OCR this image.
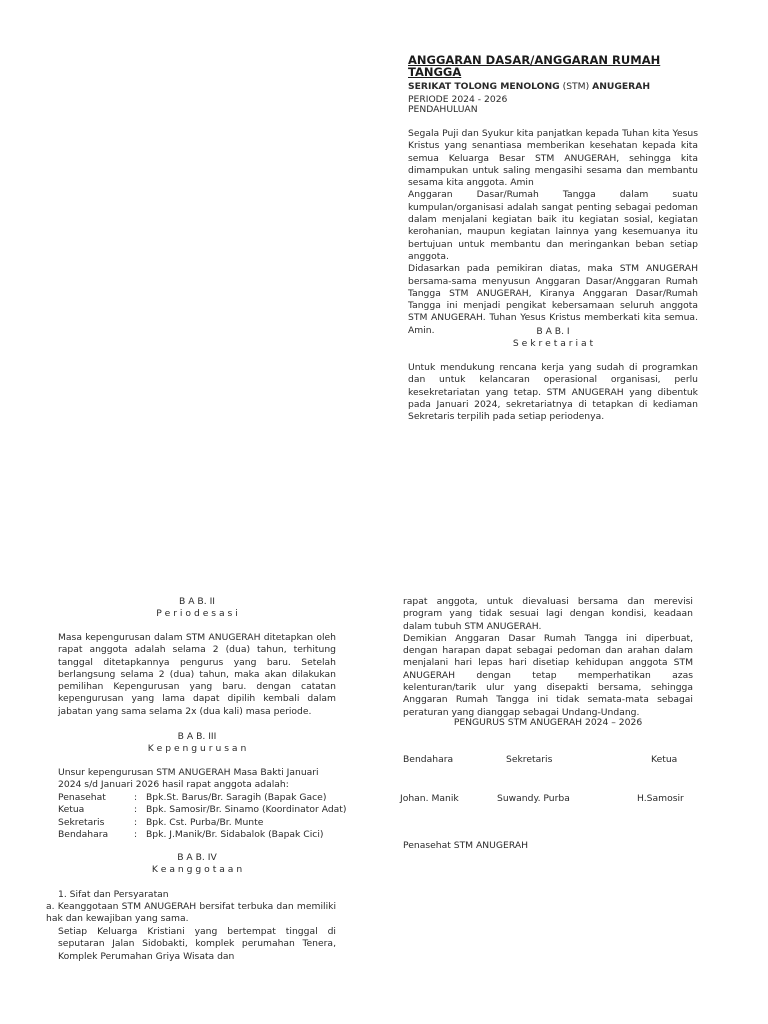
ANGGARAN DASAR/ANGGARAN RUMAH TANGGA
SERIKAT TOLONG MENOLONG (STM) ANUGERAH
PERIODE 2024 - 2026
PENDAHULUAN

Segala Puji dan Syukur kita panjatkan kepada Tuhan kita Yesus Kristus yang senantiasa memberikan kesehatan kepada kita semua Keluarga Besar STM ANUGERAH, sehingga kita dimampukan untuk saling mengasihi sesama dan membantu sesama kita anggota. Amin

Anggaran Dasar/Rumah Tangga dalam suatu kumpulan/organisasi adalah sangat penting sebagai pedoman dalam menjalani kegiatan baik itu kegiatan sosial, kegiatan kerohanian, maupun kegiatan lainnya yang kesemuanya itu bertujuan untuk membantu dan meringankan beban setiap anggota.

Didasarkan pada pemikiran diatas, maka STM ANUGERAH bersama-sama menyusun Anggaran Dasar/Anggaran Rumah Tangga STM ANUGERAH, Kiranya Anggaran Dasar/Rumah Tangga ini menjadi pengikat kebersamaan seluruh anggota STM ANUGERAH. Tuhan Yesus Kristus memberkati kita semua. Amin.	B A B. I
S e k r e t a r i a t
Untuk mendukung rencana kerja yang sudah di programkan dan untuk kelancaran operasional organisasi, perlu kesekretariatan yang tetap. STM ANUGERAH yang dibentuk pada Januari 2024, sekretariatnya di tetapkan di kediaman Sekretaris terpilih pada setiap periodenya.
B A B. II
P e r i o d e s a s i
Masa kepengurusan dalam STM ANUGERAH ditetapkan oleh rapat anggota adalah selama 2 (dua) tahun, terhitung tanggal ditetapkannya pengurus yang baru. Setelah berlangsung selama 2 (dua) tahun, maka akan dilakukan pemilihan Kepengurusan yang baru. dengan catatan kepengurusan yang lama dapat dipilih kembali dalam jabatan yang sama selama 2x (dua kali) masa periode.
B A B. III
K e p e n g u r u s a n
Unsur kepengurusan STM ANUGERAH Masa Bakti Januari 2024 s/d Januari 2026 hasil rapat anggota adalah:
Penasehat	: Bpk.St. Barus/Br. Saragih (Bapak Gace)
Ketua	: Bpk. Samosir/Br. Sinamo (Koordinator Adat)
Sekretaris	: Bpk. Cst. Purba/Br. Munte
Bendahara	: Bpk. J.Manik/Br. Sidabalok (Bapak Cici)
B A B. IV
K e a n g g o t a a n
1. Sifat dan Persyaratan
a. Keanggotaan STM ANUGERAH bersifat terbuka dan memiliki hak dan kewajiban yang sama.
Setiap Keluarga Kristiani yang bertempat tinggal di seputaran Jalan Sidobakti, komplek perumahan Tenera, Komplek Perumahan Griya Wisata dan

rapat anggota, untuk dievaluasi bersama dan merevisi program yang tidak sesuai lagi dengan kondisi, keadaan dalam tubuh STM ANUGERAH.

Demikian Anggaran Dasar Rumah Tangga ini diperbuat, dengan harapan dapat sebagai pedoman dan arahan dalam menjalani hari lepas hari disetiap kehidupan anggota STM ANUGERAH dengan tetap memperhatikan azas kelenturan/tarik ulur yang disepakti bersama, sehingga Anggaran Rumah Tangga ini tidak semata-mata sebagai peraturan yang dianggap sebagai Undang-Undang.

PENGURUS STM ANUGERAH 2024 – 2026
Bendahara	Sekretaris	Ketua
Johan. Manik	Suwandy. Purba	H.Samosir
Penasehat STM ANUGERAH
